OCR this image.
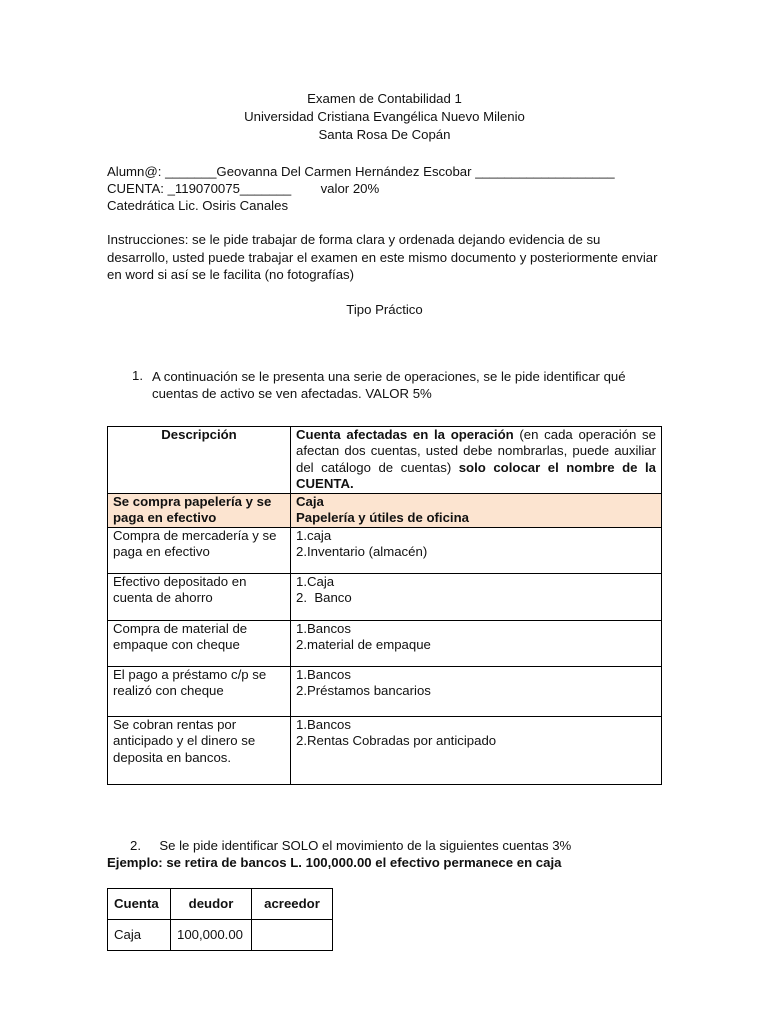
Examen de Contabilidad 1
Universidad Cristiana Evangélica Nuevo Milenio
Santa Rosa De Copán
Alumn@: _______Geovanna Del Carmen Hernández Escobar ___________________
CUENTA: _119070075_______        valor 20%
Catedrática Lic. Osiris Canales
Instrucciones: se le pide trabajar de forma clara y ordenada dejando evidencia de su desarrollo, usted puede trabajar el examen en este mismo documento y posteriormente enviar en word si así se le facilita (no fotografías)
Tipo Práctico
1. A continuación se le presenta una serie de operaciones, se le pide identificar qué cuentas de activo se ven afectadas. VALOR 5%
Descripción	Cuenta afectadas en la operación (en cada operación se afectan dos cuentas, usted debe nombrarlas, puede auxiliar del catálogo de cuentas) solo colocar el nombre de la CUENTA.
Se compra papelería y se paga en efectivo	Caja
Papelería y útiles de oficina

Compra de mercadería y se paga en efectivo	1.caja
2.Inventario (almacén)

Efectivo depositado en cuenta de ahorro	1.Caja
2.  Banco

Compra de material de empaque con cheque	1.Bancos
2.material de empaque

El pago a préstamo c/p se realizó con cheque	1.Bancos
2.Préstamos bancarios

Se cobran rentas por anticipado y el dinero se deposita en bancos.	1.Bancos
2.Rentas Cobradas por anticipado
2.     Se le pide identificar SOLO el movimiento de la siguientes cuentas 3%
Ejemplo: se retira de bancos L. 100,000.00 el efectivo permanece en caja
Cuenta	deudor	acreedor
Caja	100,000.00	
